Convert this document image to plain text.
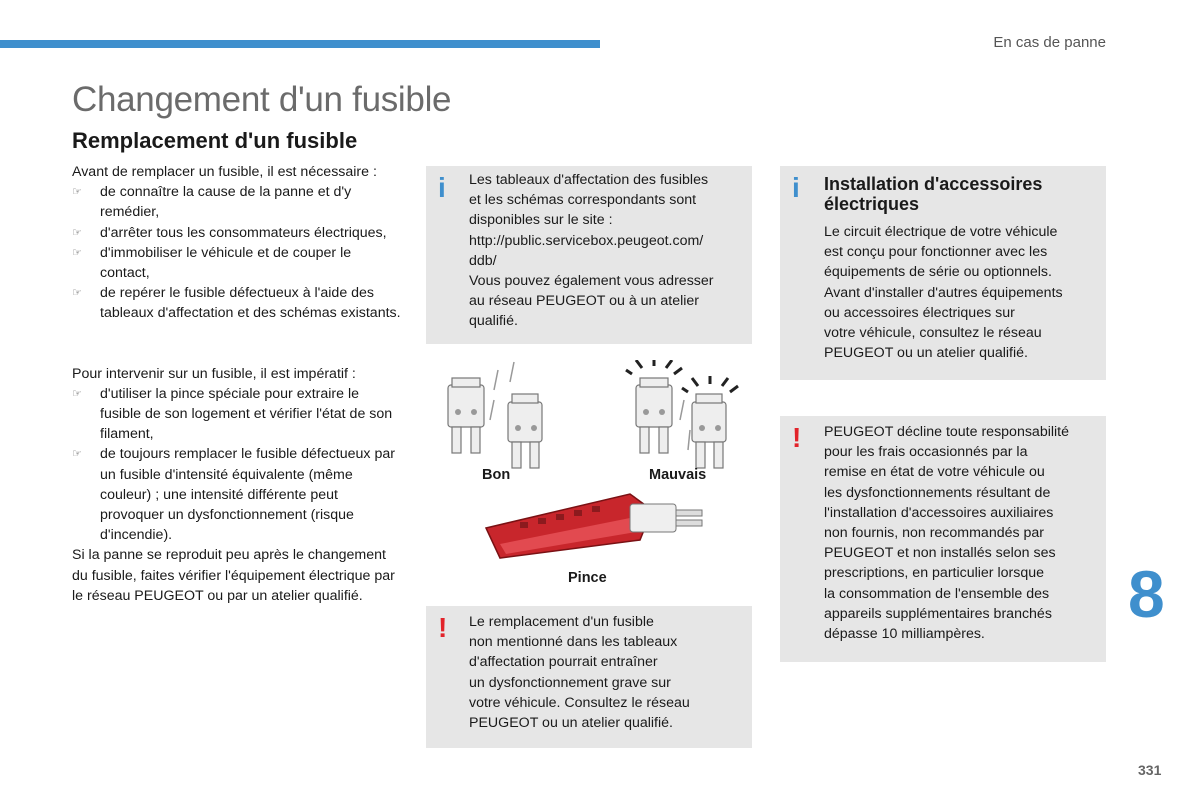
En cas de panne
Changement d'un fusible
Remplacement d'un fusible

Avant de remplacer un fusible, il est nécessaire :

☞ de connaître la cause de la panne et d'y remédier,
☞ d'arrêter tous les consommateurs électriques,
☞ d'immobiliser le véhicule et de couper le contact,
☞ de repérer le fusible défectueux à l'aide des tableaux d'affectation et des schémas existants.

Pour intervenir sur un fusible, il est impératif :

☞ d'utiliser la pince spéciale pour extraire le fusible de son logement et vérifier l'état de son filament,
☞ de toujours remplacer le fusible défectueux par un fusible d'intensité équivalente (même couleur) ; une intensité différente peut provoquer un dysfonctionnement (risque d'incendie).

Si la panne se reproduit peu après le changement du fusible, faites vérifier l'équipement électrique par le réseau PEUGEOT ou par un atelier qualifié.

i Les tableaux d'affectation des fusibles
et les schémas correspondants sont
disponibles sur le site :
http://public.servicebox.peugeot.com/
ddb/
Vous pouvez également vous adresser
au réseau PEUGEOT ou à un atelier
qualifié.
Bon	Mauvais
Pince
! Le remplacement d'un fusible
non mentionné dans les tableaux
d'affectation pourrait entraîner
un dysfonctionnement grave sur
votre véhicule. Consultez le réseau
PEUGEOT ou un atelier qualifié.
i Installation d'accessoires
électriques
Le circuit électrique de votre véhicule
est conçu pour fonctionner avec les
équipements de série ou optionnels.
Avant d'installer d'autres équipements
ou accessoires électriques sur
votre véhicule, consultez le réseau
PEUGEOT ou un atelier qualifié.
! PEUGEOT décline toute responsabilité
pour les frais occasionnés par la
remise en état de votre véhicule ou
les dysfonctionnements résultant de
l'installation d'accessoires auxiliaires
non fournis, non recommandés par
PEUGEOT et non installés selon ses
prescriptions, en particulier lorsque
la consommation de l'ensemble des
appareils supplémentaires branchés
dépasse 10 milliampères.
8
331
